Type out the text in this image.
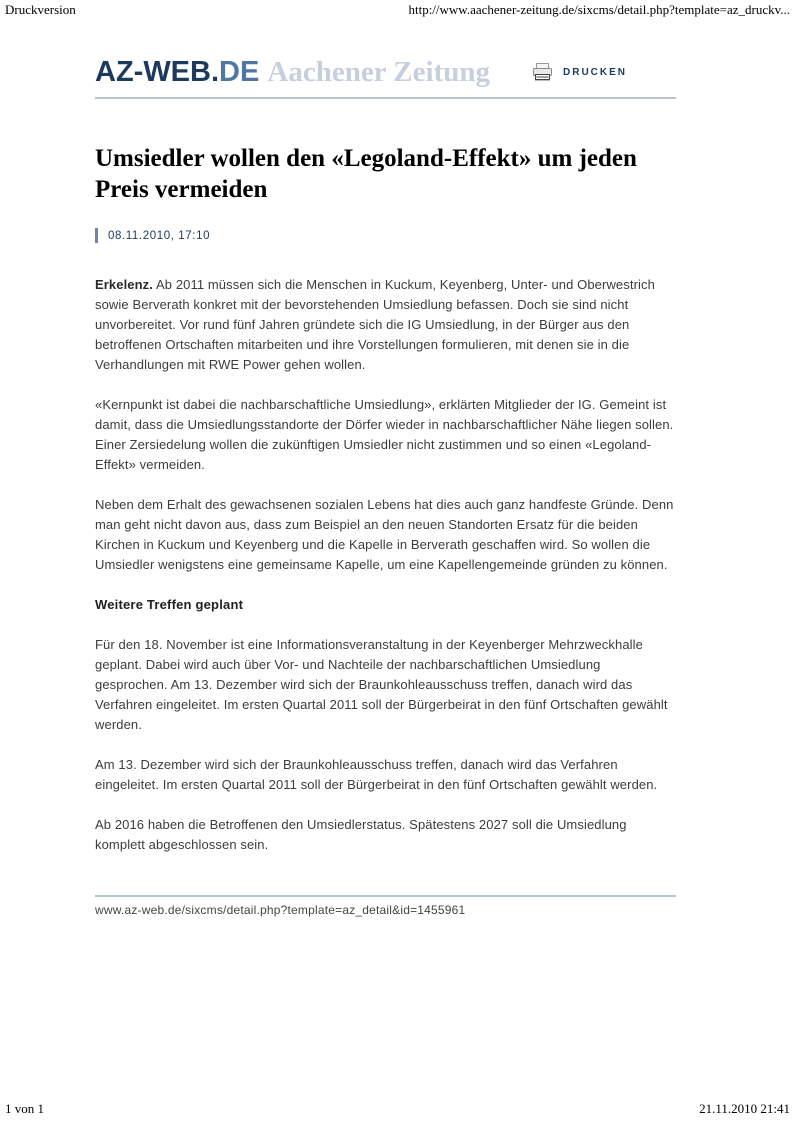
Druckversion	http://www.aachener-zeitung.de/sixcms/detail.php?template=az_druckv...
AZ-WEB.DE Aachener Zeitung	DRUCKEN
Umsiedler wollen den «Legoland-Effekt» um jeden Preis vermeiden
08.11.2010, 17:10

Erkelenz. Ab 2011 müssen sich die Menschen in Kuckum, Keyenberg, Unter- und Oberwestrich sowie Berverath konkret mit der bevorstehenden Umsiedlung befassen. Doch sie sind nicht unvorbereitet. Vor rund fünf Jahren gründete sich die IG Umsiedlung, in der Bürger aus den betroffenen Ortschaften mitarbeiten und ihre Vorstellungen formulieren, mit denen sie in die Verhandlungen mit RWE Power gehen wollen.

«Kernpunkt ist dabei die nachbarschaftliche Umsiedlung», erklärten Mitglieder der IG. Gemeint ist damit, dass die Umsiedlungsstandorte der Dörfer wieder in nachbarschaftlicher Nähe liegen sollen. Einer Zersiedelung wollen die zukünftigen Umsiedler nicht zustimmen und so einen «Legoland-Effekt» vermeiden.

Neben dem Erhalt des gewachsenen sozialen Lebens hat dies auch ganz handfeste Gründe. Denn man geht nicht davon aus, dass zum Beispiel an den neuen Standorten Ersatz für die beiden Kirchen in Kuckum und Keyenberg und die Kapelle in Berverath geschaffen wird. So wollen die Umsiedler wenigstens eine gemeinsame Kapelle, um eine Kapellengemeinde gründen zu können.

Weitere Treffen geplant

Für den 18. November ist eine Informationsveranstaltung in der Keyenberger Mehrzweckhalle geplant. Dabei wird auch über Vor- und Nachteile der nachbarschaftlichen Umsiedlung gesprochen. Am 13. Dezember wird sich der Braunkohleausschuss treffen, danach wird das Verfahren eingeleitet. Im ersten Quartal 2011 soll der Bürgerbeirat in den fünf Ortschaften gewählt werden.

Am 13. Dezember wird sich der Braunkohleausschuss treffen, danach wird das Verfahren eingeleitet. Im ersten Quartal 2011 soll der Bürgerbeirat in den fünf Ortschaften gewählt werden.

Ab 2016 haben die Betroffenen den Umsiedlerstatus. Spätestens 2027 soll die Umsiedlung komplett abgeschlossen sein.

www.az-web.de/sixcms/detail.php?template=az_detail&id=1455961
1 von 1	21.11.2010 21:41
